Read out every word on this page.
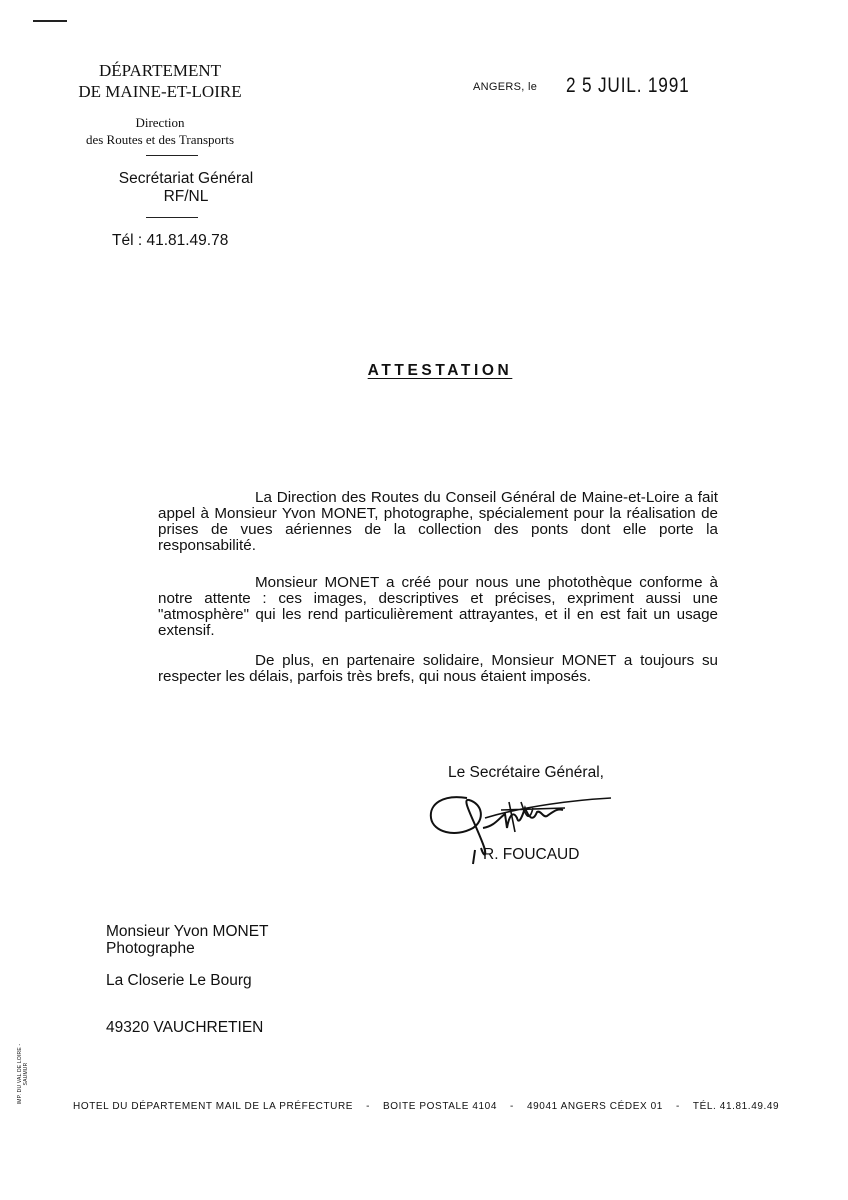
DÉPARTEMENT
DE MAINE-ET-LOIRE
Direction
des Routes et des Transports
Secrétariat Général
RF/NL
Tél : 41.81.49.78
ANGERS, le 2 5 JUIL. 1991
ATTESTATION

La Direction des Routes du Conseil Général de Maine-et-Loire a fait appel à Monsieur Yvon MONET, photographe, spécialement pour la réalisation de prises de vues aériennes de la collection des ponts dont elle porte la responsabilité.

Monsieur MONET a créé pour nous une photothèque conforme à notre attente : ces images, descriptives et précises, expriment aussi une "atmosphère" qui les rend particulièrement attrayantes, et il en est fait un usage extensif.

De plus, en partenaire solidaire, Monsieur MONET a toujours su respecter les délais, parfois très brefs, qui nous étaient imposés.

Le Secrétaire Général,
R. FOUCAUD
Monsieur Yvon MONET
Photographe
La Closerie Le Bourg
49320 VAUCHRETIEN
IMP. DU VAL DE LOIRE - SAUMUR
HOTEL DU DÉPARTEMENT MAIL DE LA PRÉFECTURE - BOITE POSTALE 4104 - 49041 ANGERS CÉDEX 01 - TÉL. 41.81.49.49
